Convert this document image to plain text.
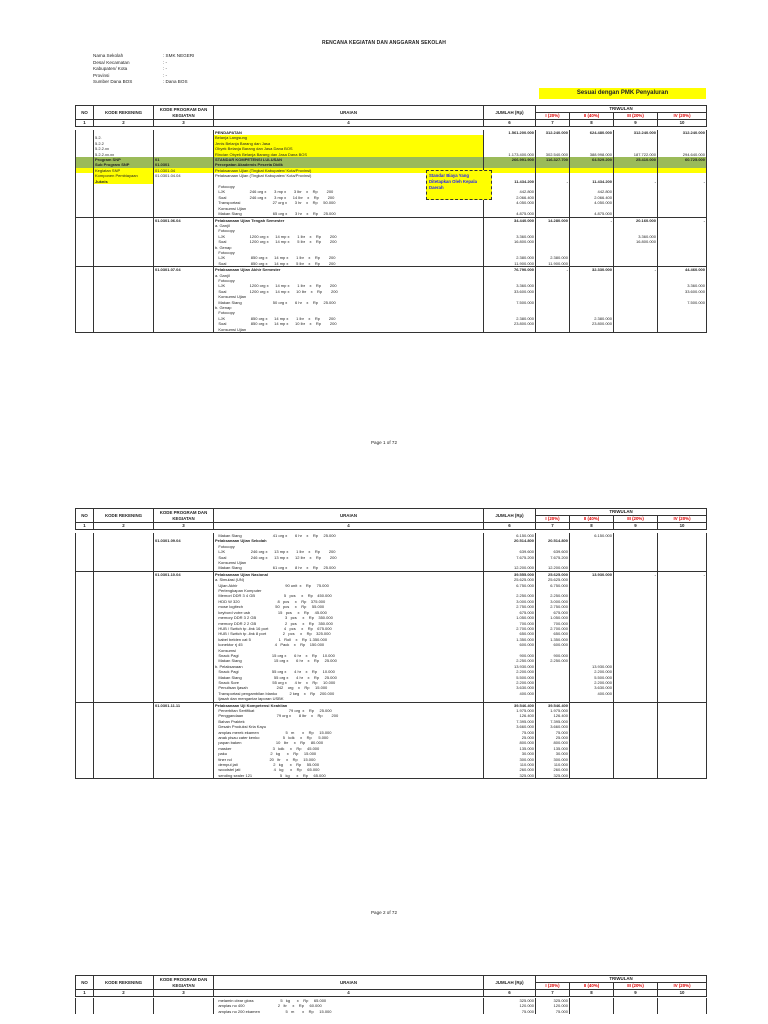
RENCANA KEGIATAN DAN ANGGARAN SEKOLAH
Nama Sekolah	: SMK NEGERI
Desa/ Kecamatan	: -
Kabupaten/ Kota	: -
Provinsi	: -
Sumber Dana BOS	: Dana BOS
Sesuai dengan PMK Penyaluran
NO	KODE REKENING	KODE PROGRAM DAN KEGIATAN	URAIAN	JUMLAH (Rp)	TRIWULAN			
					I (20%)	II (40%)	III (20%)	IV (20%)
1	2	3	4	6	7	8	9	10
			PENDAPATAN	1.561.200.000	312.240.000	624.480.000	312.240.000	312.240.000
	5.2.		Belanja Langsung					
	5.2.2		Jenis Belanja Barang dan Jasa					
	5.2.2.xx		Obyek Belanja Barang dan Jasa Dana BOS					
	5.2.2.xx.xx		Rincian Obyek Belanja Barang dan Jasa Dana BOS	1.173.400.000	302.540.000	388.998.000	187.722.000	294.640.000
	Program SNP	01	STANDAR KOMPETENSI LULUSAN	266.991.900	116.327.700	64.529.200	25.410.000	60.725.000
	Sub Program SNP	01.0301	Percepatan Akademis Peserta Didik					
	Kegiatan SNP	01.0301.04	Pelaksanaan Ujian (Tingkat Kabupaten/ Kota/Provinsi)					
	Komponen Pembiayaan	01.0301.04.04	Pelaksanaan Ujian (Tingkat Kabupaten/ Kota/Provinsi)					
	Juknis			11.434.200	-	11.434.200	-	-
			Fotocopy					
			LJK                      246 org x       3 mp x       3 lbr    x    Rp        200	442.800		442.800		
			Soal                     246 org x       3 mp x      14 lbr    x    Rp        200	2.066.400		2.066.400		
			Transportasi                             27 org x       3 hr    x    Rp     50.000	4.050.000		4.050.000		
			Konsumsi Ujian					
			Makan Siang                            65 org x       3 hr    x    Rp     25.000	4.875.000		4.875.000		
		01.0301.06.04	Pelaksanaan Ujian Tengah Semester	34.440.000	14.280.000	-	20.160.000	-
			a. Ganjil					
			Fotocopy					
			LJK                      1200 org x      14 mp x       1 lbr    x    Rp        200	3.360.000			3.360.000	
			Soal                     1200 org x      14 mp x       5 lbr    x    Rp        200	16.800.000			16.800.000	
			b. Genap					
			Fotocopy					
			LJK                       850 org x      14 mp x       1 lbr    x    Rp        200	2.380.000	2.380.000			
			Soal                      850 org x      14 mp x       5 lbr    x    Rp        200	11.900.000	11.900.000			
		01.0301.07.04	Pelaksanaan Ujian Akhir Semester	76.790.000	-	32.330.000	-	44.460.000
			a. Ganjil					
			Fotocopy					
			LJK                      1200 org x      14 mp x       1 lbr    x    Rp        200	3.360.000				3.360.000
			Soal                     1200 org x      14 mp x      10 lbr    x    Rp        200	33.600.000				33.600.000
			Konsumsi Ujian					
			Makan Siang                            50 org x       6 hr    x    Rp     25.000	7.500.000				7.500.000
			b. Genap					
			Fotocopy					
			LJK                       850 org x      14 mp x       1 lbr    x    Rp        200	2.380.000		2.380.000		
			Soal                      850 org x      14 mp x      10 lbr    x    Rp        200	23.800.000		23.800.000		
			Konsumsi Ujian					
Standar Biaya Yang Ditetapkan Oleh Kepala Daerah
Page 1 of 72
NO	KODE REKENING	KODE PROGRAM DAN KEGIATAN	URAIAN	JUMLAH (Rp)	TRIWULAN			
					I (20%)	II (40%)	III (20%)	IV (20%)
1	2	3	4	6	7	8	9	10
			Makan Siang                            41 org x       6 hr    x    Rp     25.000	6.150.000		6.150.000		
		01.0301.09.04	Pelaksanaan Ujian Sekolah	20.514.800	20.514.800			
			Fotocopy					
			LJK                       246 org x      13 mp x       1 lbr    x    Rp        200	639.600	639.600			
			Soal                      246 org x      13 mp x      12 lbr    x    Rp        200	7.675.200	7.675.200			
			Konsumsi Ujian					
			Makan Siang                            61 org x       8 hr    x    Rp     25.000	12.200.000	12.200.000			
		01.0301.10.04	Pelaksanaan Ujian Nasional	39.555.000	25.625.000	13.930.000	-	-
			a. Simulasi (UN)	25.625.000	25.625.000			
			Ujian Akhir                                           90 unit  x    Rp     75.000	6.750.000	6.750.000			
			Perlengkapan Komputer					
			Memori DDR 3 4 GB                          5   pcs     x    Rp    450.000	2.250.000	2.250.000			
			HDD W 320                                  8   pcs     x    Rp    375.000	3.000.000	3.000.000			
			mose logitech                             50   pcs     x    Rp     55.000	2.750.000	2.750.000			
			keybord votre usb                         15   pcs     x    Rp     45.000	675.000	675.000			
			memory DDR 3 2 GB                          3   pcs     x    Rp    350.000	1.050.000	1.050.000			
			memory DDR 2 2 GB                          2   pcs     x    Rp    350.000	700.000	700.000			
			HUB / Switch tp -link 16 port              4   pcs     x    Rp    675.000	2.700.000	2.700.000			
			HUB / Switch tp -link 8 port               2   pcs     x    Rp    325.000	650.000	650.000			
			kabel belden cat 5                         1   Roll    x    Rp  1.350.000	1.350.000	1.350.000			
			konektor rj 45                             4   Pack    x    Rp    150.000	600.000	600.000			
			Konsumsi					
			Snack Pagi                              15 org x       6 hr    x    Rp     10.000	900.000	900.000			
			Makan Siang                             15 org x       6 hr    x    Rp     25.000	2.250.000	2.250.000			
			b. Pelaksanaan	13.930.000		13.930.000		
			Snack Pagi                              55 org x       4 hr    x    Rp     10.000	2.200.000		2.200.000		
			Makan Siang                             55 org x       4 hr    x    Rp     25.000	5.500.000		5.500.000		
			Snack Sore                              55 org x       4 hr    x    Rp     10.000	2.200.000		2.200.000		
			Penulisan Ijasah                          242    org    x    Rp     15.000	3.630.000		3.630.000		
			Transportasi pengambilan blanko           2 keg    x    Rp    200.000	400.000		400.000		
			Ijasah dan mengantar laporan USBK					
		01.0301.11.11	Pelaksanaan Uji Kompetensi Keahlian	39.546.400	39.546.400			
			Penerbitan Sertifikat                               79 org  x    Rp     25.000	1.975.000	1.975.000			
			Penggandaan                              79 org x       8 lbr    x    Rp        200	126.400	126.400			
			Bahan Praktek	7.395.000	7.395.000			
			Desain Produksi Kria Kayu	3.660.000	3.660.000			
			amplas merek ekamen                        5   m       x    Rp     15.000	75.000	75.000			
			anak pisau cater kenko                     5   kdk     x    Rp      5.000	25.000	25.000			
			papan baken                               10   lbr     x    Rp     80.000	800.000	800.000			
			masker                                     3   kdk     x    Rp     45.000	135.000	135.000			
			paku                                       2   kg      x    Rp     15.000	30.000	30.000			
			tiner nd                                  20   ltr     x    Rp     15.000	300.000	300.000			
			dempul jati                                2   kg      x    Rp     55.000	110.000	110.000			
			woodstel jati                              4   kg      x    Rp     65.000	260.000	260.000			
			sending sealer 121                         5   kg      x    Rp     65.000	325.000	325.000			
Page 2 of 72
NO	KODE REKENING	KODE PROGRAM DAN KEGIATAN	URAIAN	JUMLAH (Rp)	TRIWULAN			
					I (20%)	II (40%)	III (20%)	IV (20%)
1	2	3	4	6	7	8	9	10
			melamin clear gloss                        5   kg      x    Rp     65.000	325.000	325.000			
			amplas no 400                              2   ltr     x    Rp     60.000	120.000	120.000			
			amplas no 200 ekamen                       5   m       x    Rp     15.000	75.000	75.000			
